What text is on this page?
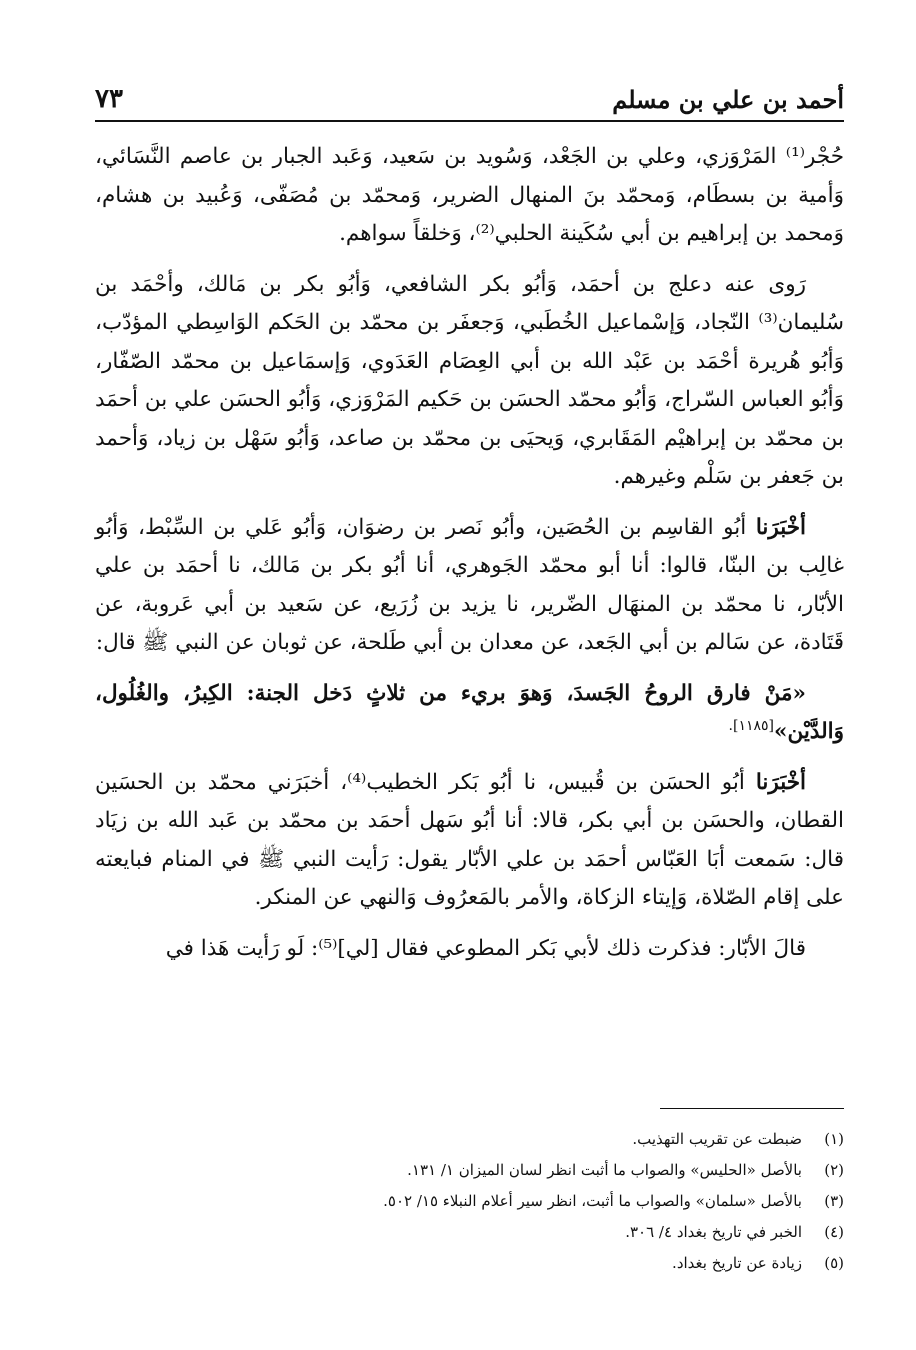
أحمد بن علي بن مسلم
٧٣

حُجْر⁽¹⁾ المَرْوَزي، وعلي بن الجَعْد، وَسُويد بن سَعيد، وَعَبد الجبار بن عاصم النَّسَائي، وَأمية بن بسطَام، وَمحمّد بنَ المنهال الضرير، وَمحمّد بن مُصَفّى، وَعُبيد بن هشام، وَمحمد بن إبراهيم بن أبي سُكَينة الحلبي⁽²⁾، وَخلقاً سواهم.

رَوى عنه دعلج بن أحمَد، وَأبُو بكر الشافعي، وَأبُو بكر بن مَالك، وأحْمَد بن سُليمان⁽³⁾ النّجاد، وَإسْماعيل الخُطَبي، وَجعفَر بن محمّد بن الحَكم الوَاسِطي المؤدّب، وَأبُو هُريرة أحْمَد بن عَبْد الله بن أبي العِصَام العَدَوي، وَإسمَاعيل بن محمّد الصّفّار، وَأبُو العباس السّراج، وَأبُو محمّد الحسَن بن حَكيم المَرْوَزي، وَأبُو الحسَن علي بن أحمَد بن محمّد بن إبراهيْم المَقَابري، وَيحيَى بن محمّد بن صاعد، وَأبُو سَهْل بن زياد، وَأحمد بن جَعفر بن سَلْم وغيرهم.

أخْبَرَنا أبُو القاسِم بن الحُصَين، وأبُو نَصر بن رضوَان، وَأبُو عَلي بن السِّبْط، وَأبُو غالِب بن البنّا، قالوا: أنا أبو محمّد الجَوهري، أنا أبُو بكر بن مَالك، نا أحمَد بن علي الأبّار، نا محمّد بن المنهَال الضّرير، نا يزيد بن زُرَيع، عن سَعيد بن أبي عَروبة، عن قَتَادة، عن سَالم بن أبي الجَعد، عن معدان بن أبي طَلحة، عن ثوبان عن النبي ﷺ قال:

«مَنْ فارق الروحُ الجَسدَ، وَهوَ بريء من ثلاثٍ دَخل الجنة: الكِبرُ، والغُلُول، وَالدَّيْن»$^{[١١٨٥].}$

أخْبَرَنا أبُو الحسَن بن قُبيس، نا أبُو بَكر الخطيب⁽⁴⁾، أخبَرَني محمّد بن الحسَين القطان، والحسَن بن أبي بكر، قالا: أنا أبُو سَهل أحمَد بن محمّد بن عَبد الله بن زيَاد قال: سَمعت أبَا العَبّاس أحمَد بن علي الأبّار يقول: رَأيت النبي ﷺ في المنام فبايعته على إقام الصّلاة، وَإيتاء الزكاة، والأمر بالمَعرُوف وَالنهي عن المنكر.

قالَ الأبّار: فذكرت ذلك لأبي بَكر المطوعي فقال [لي]⁽⁵⁾: لَو رَأيت هَذا في

(١)
ضبطت عن تقريب التهذيب.
(٢)
بالأصل «الحليس» والصواب ما أثبت انظر لسان الميزان ١/ ١٣١.
(٣)
بالأصل «سلمان» والصواب ما أثبت، انظر سير أعلام النبلاء ١٥/ ٥٠٢.
(٤)
الخبر في تاريخ بغداد ٤/ ٣٠٦.
(٥)
زيادة عن تاريخ بغداد.
